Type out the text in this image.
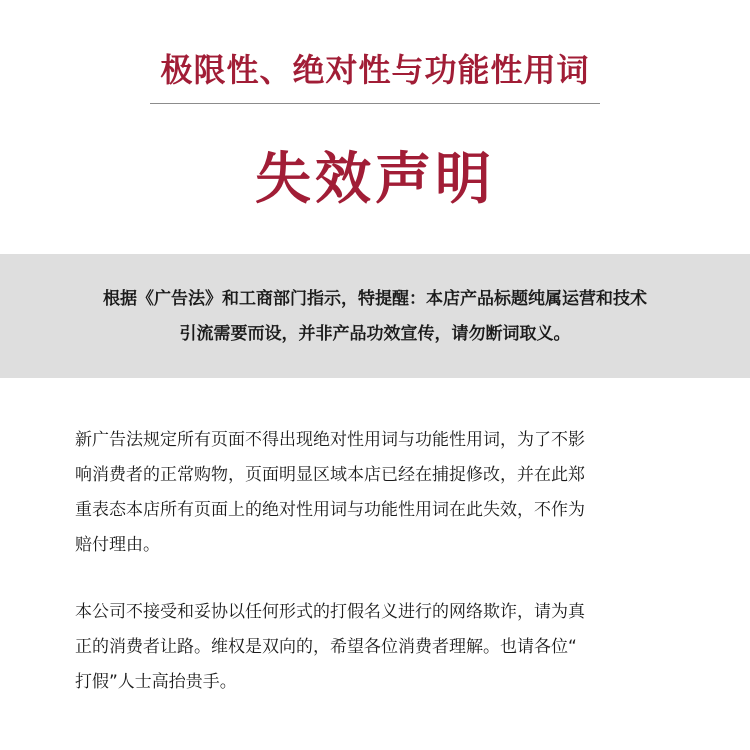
极限性、绝对性与功能性用词
失效声明
根据《广告法》和工商部门指示，特提醒：本店产品标题纯属运营和技术
引流需要而设，并非产品功效宣传，请勿断词取义。
新广告法规定所有页面不得出现绝对性用词与功能性用词，为了不影
响消费者的正常购物，页面明显区域本店已经在捕捉修改，并在此郑
重表态本店所有页面上的绝对性用词与功能性用词在此失效，不作为
赔付理由。
本公司不接受和妥协以任何形式的打假名义进行的网络欺诈，请为真
正的消费者让路。维权是双向的，希望各位消费者理解。也请各位“
打假”人士高抬贵手。
